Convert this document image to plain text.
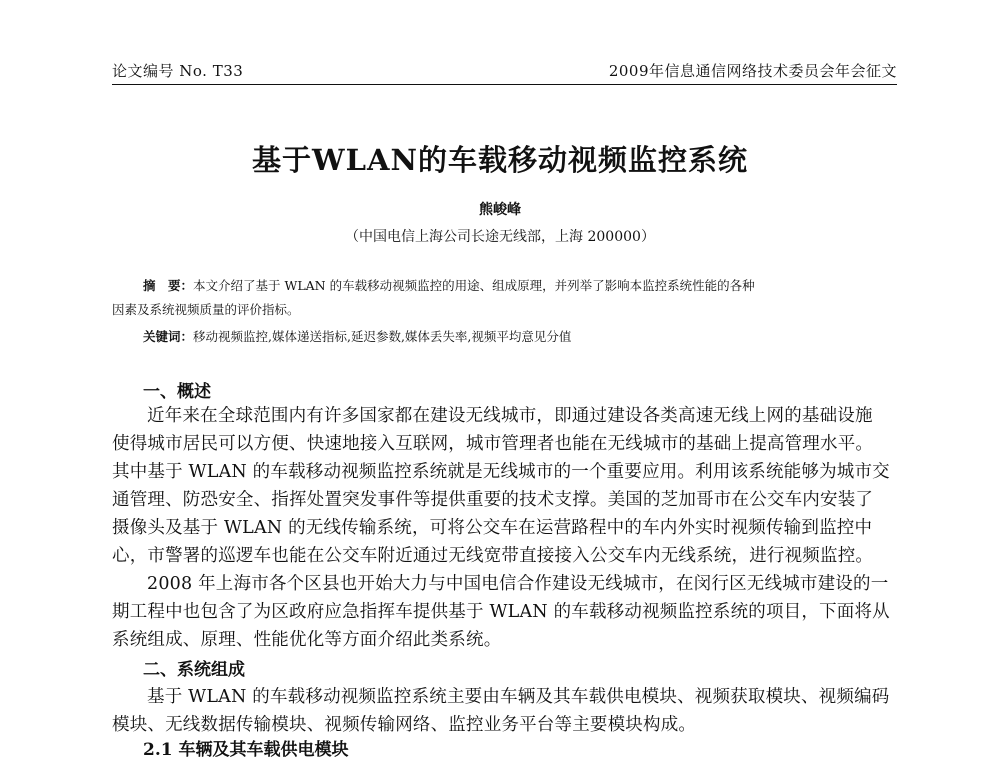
论文编号 No. T33	2009年信息通信网络技术委员会年会征文
基于WLAN的车载移动视频监控系统
熊峻峰
（中国电信上海公司长途无线部，上海 200000）
摘　要：本文介绍了基于 WLAN 的车载移动视频监控的用途、组成原理，并列举了影响本监控系统性能的各种
因素及系统视频质量的评价指标。
关键词：移动视频监控,媒体递送指标,延迟参数,媒体丢失率,视频平均意见分值
一、概述
近年来在全球范围内有许多国家都在建设无线城市，即通过建设各类高速无线上网的基础设施
使得城市居民可以方便、快速地接入互联网，城市管理者也能在无线城市的基础上提高管理水平。
其中基于 WLAN 的车载移动视频监控系统就是无线城市的一个重要应用。利用该系统能够为城市交
通管理、防恐安全、指挥处置突发事件等提供重要的技术支撑。美国的芝加哥市在公交车内安装了
摄像头及基于 WLAN 的无线传输系统，可将公交车在运营路程中的车内外实时视频传输到监控中
心，市警署的巡逻车也能在公交车附近通过无线宽带直接接入公交车内无线系统，进行视频监控。
2008 年上海市各个区县也开始大力与中国电信合作建设无线城市，在闵行区无线城市建设的一
期工程中也包含了为区政府应急指挥车提供基于 WLAN 的车载移动视频监控系统的项目，下面将从
系统组成、原理、性能优化等方面介绍此类系统。
二、系统组成
基于 WLAN 的车载移动视频监控系统主要由车辆及其车载供电模块、视频获取模块、视频编码
模块、无线数据传输模块、视频传输网络、监控业务平台等主要模块构成。
2.1 车辆及其车载供电模块
